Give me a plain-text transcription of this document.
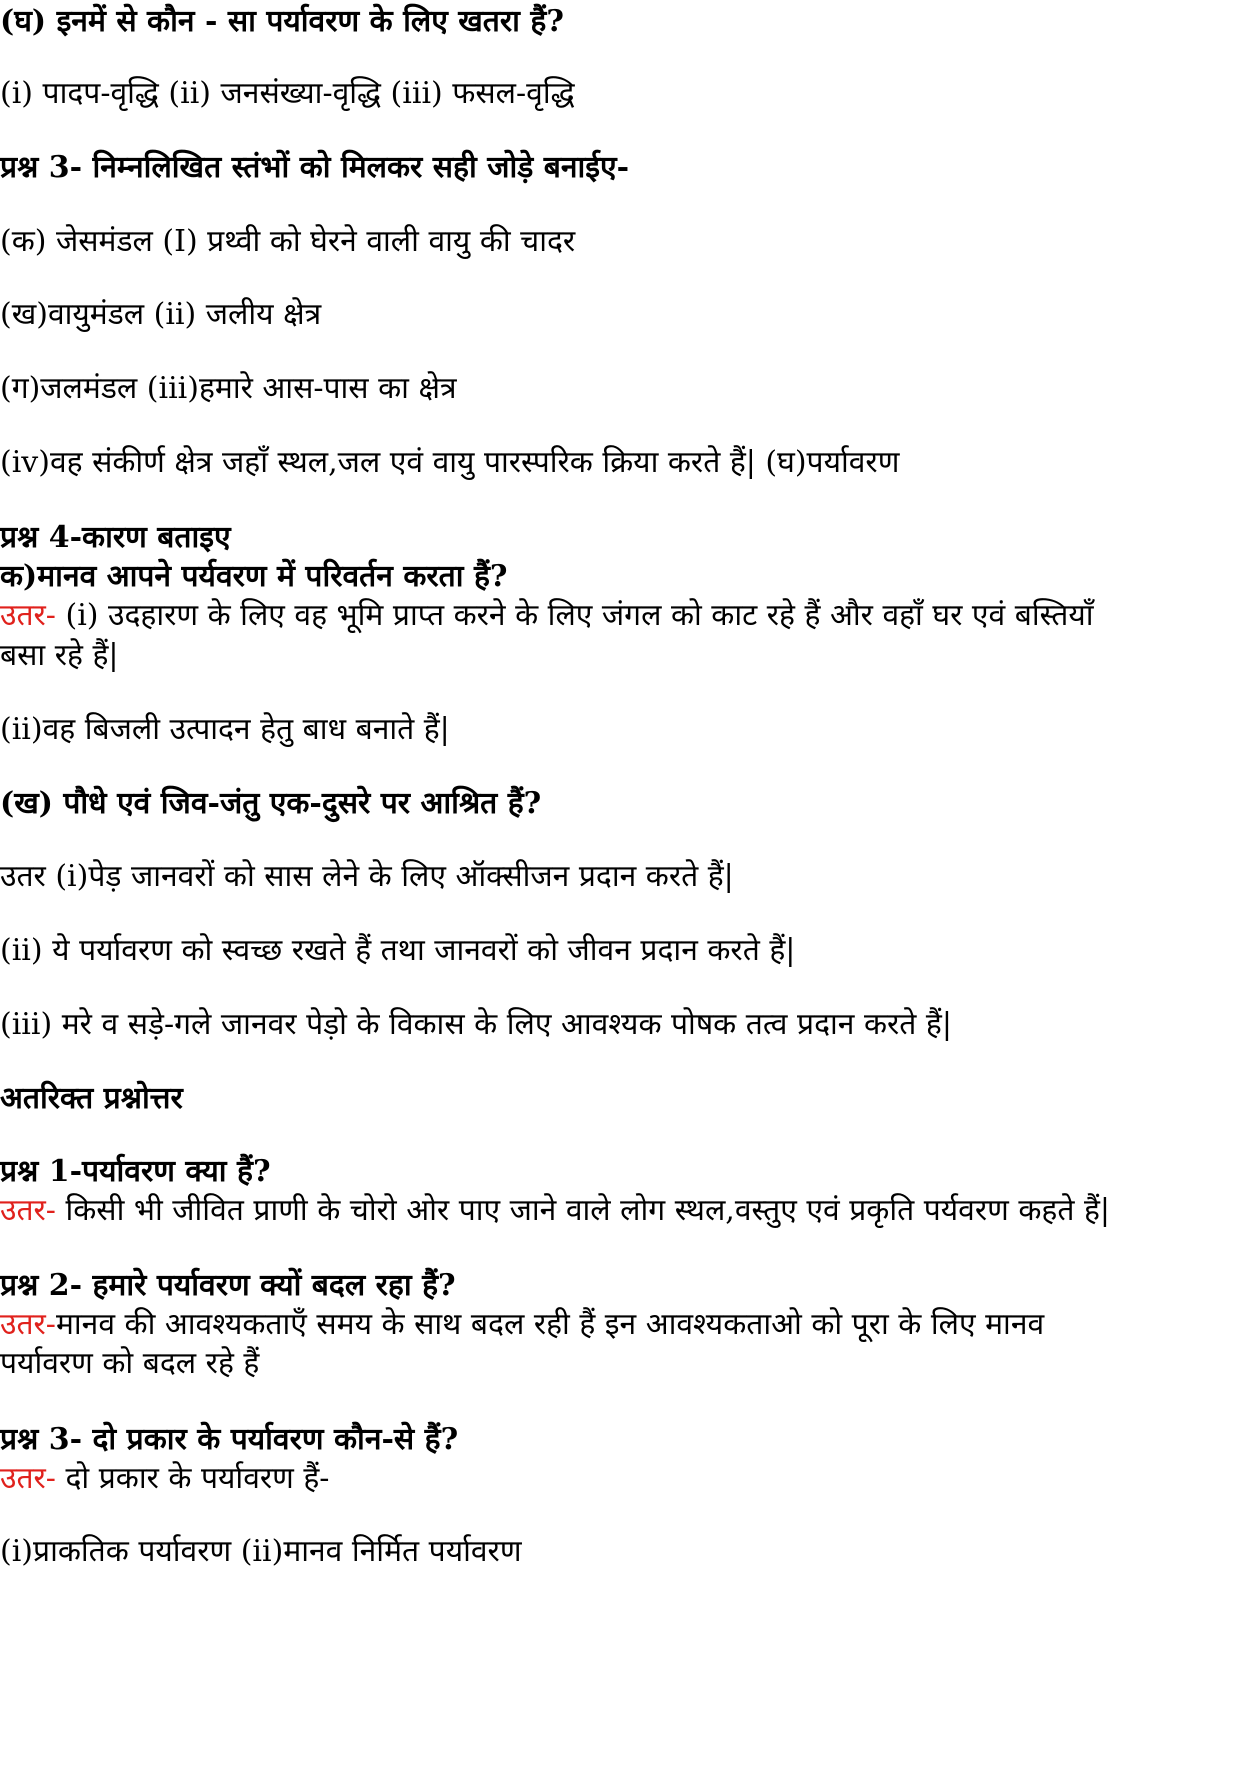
(घ) इनमें से कौन - सा पर्यावरण के लिए खतरा हैं?
(i) पादप-वृद्धि (ii) जनसंख्या-वृद्धि (iii) फसल-वृद्धि
प्रश्न 3- निम्नलिखित स्तंभों को मिलकर सही जोड़े बनाईए-
(क) जेसमंडल (I) प्रथ्वी को घेरने वाली वायु की चादर
(ख)वायुमंडल (ii) जलीय क्षेत्र
(ग)जलमंडल (iii)हमारे आस-पास का क्षेत्र
(iv)वह संकीर्ण क्षेत्र जहाँ स्थल,जल एवं वायु पारस्परिक क्रिया करते हैं| (घ)पर्यावरण
प्रश्न 4-कारण बताइए
क)मानव आपने पर्यवरण में परिवर्तन करता हैं?
उतर- (i) उदहारण के लिए वह भूमि प्राप्त करने के लिए जंगल को काट रहे हैं और वहाँ घर एवं बस्तियाँ
बसा रहे हैं|
(ii)वह बिजली उत्पादन हेतु बाध बनाते हैं|
(ख) पौधे एवं जिव-जंतु एक-दुसरे पर आश्रित हैं?
उतर (i)पेड़ जानवरों को सास लेने के लिए ऑक्सीजन प्रदान करते हैं|
(ii) ये पर्यावरण को स्वच्छ रखते हैं तथा जानवरों को जीवन प्रदान करते हैं|
(iii) मरे व सड़े-गले जानवर पेड़ो के विकास के लिए आवश्यक पोषक तत्व प्रदान करते हैं|
अतरिक्त प्रश्नोत्तर
प्रश्न 1-पर्यावरण क्या हैं?
उतर- किसी भी जीवित प्राणी के चोरो ओर पाए जाने वाले लोग स्थल,वस्तुए एवं प्रकृति पर्यवरण कहते हैं|
प्रश्न 2- हमारे पर्यावरण क्यों बदल रहा हैं?
उतर-मानव की आवश्यकताएँ समय के साथ बदल रही हैं इन आवश्यकताओ को पूरा के लिए मानव
पर्यावरण को बदल रहे हैं
प्रश्न 3- दो प्रकार के पर्यावरण कौन-से हैं?
उतर- दो प्रकार के पर्यावरण हैं-
(i)प्राकतिक पर्यावरण (ii)मानव निर्मित पर्यावरण
